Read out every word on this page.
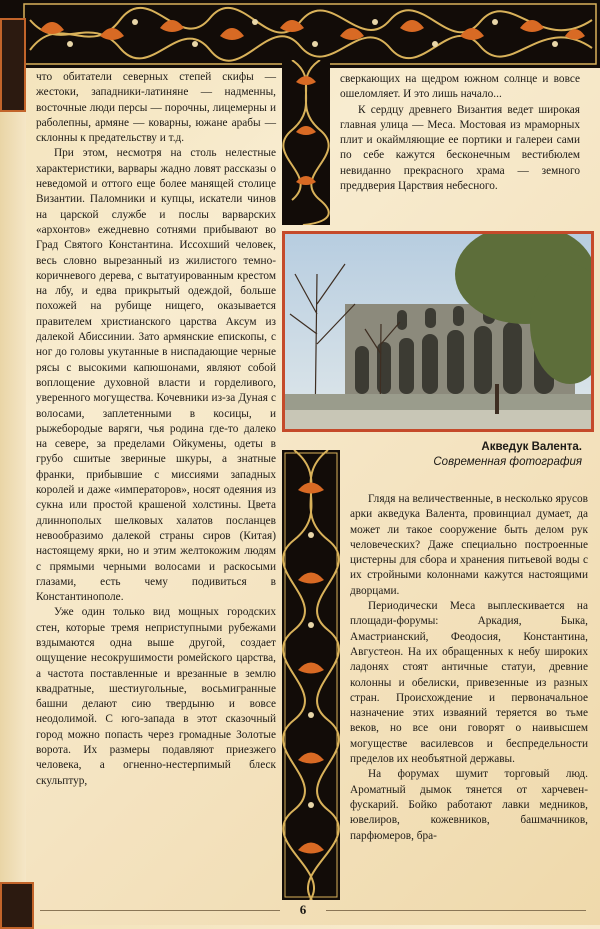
что обитатели северных степей скифы — жестоки, западники-латиняне — надменны, восточные люди персы — порочны, лицемерны и раболепны, армяне — коварны, южане арабы — склонны к предательству и т.д.

При этом, несмотря на столь нелестные характеристики, варвары жадно ловят рассказы о неведомой и оттого еще более манящей столице Византии. Паломники и купцы, искатели чинов на царской службе и послы варварских «архонтов» ежедневно сотнями прибывают во Град Святого Константина. Иссохший человек, весь словно вырезанный из жилистого темно-коричневого дерева, с вытатуированным крестом на лбу, и едва прикрытый одеждой, больше похожей на рубище нищего, оказывается правителем христианского царства Аксум из далекой Абиссинии. Зато армянские епископы, с ног до головы укутанные в ниспадающие черные рясы с высокими капюшонами, являют собой воплощение духовной власти и горделивого, уверенного могущества. Кочевники из-за Дуная с волосами, заплетенными в косицы, и рыжебородые варяги, чья родина где-то далеко на севере, за пределами Ойкумены, одеты в грубо сшитые звериные шкуры, а знатные франки, прибывшие с миссиями западных королей и даже «императоров», носят одеяния из сукна или простой крашеной холстины. Цвета длиннополых шелковых халатов посланцев невообразимо далекой страны сиров (Китая) настоящему ярки, но и этим желтокожим людям с прямыми черными волосами и раскосыми глазами, есть чему подивиться в Константинополе.

Уже один только вид мощных городских стен, которые тремя неприступными рубежами вздымаются одна выше другой, создает ощущение несокрушимости ромейского царства, а частота поставленные и врезанные в землю квадратные, шестиугольные, восьмигранные башни делают сию твердыню и вовсе неодолимой. С юго-запада в этот сказочный город можно попасть через громадные Золотые ворота. Их размеры подавляют приезжего человека, а огненно-нестерпимый блеск скульптур,

сверкающих на щедром южном солнце и вовсе ошеломляет. И это лишь начало...

К сердцу древнего Византия ведет широкая главная улица — Меса. Мостовая из мраморных плит и окаймляющие ее портики и галереи сами по себе кажутся бесконечным вестибюлем невиданно прекрасного храма — земного преддверия Царствия небесного.

Акведук Валента.
Современная фотография

Глядя на величественные, в несколько ярусов арки акведука Валента, провинциал думает, да может ли такое сооружение быть делом рук человеческих? Даже специально построенные цистерны для сбора и хранения питьевой воды с их стройными колоннами кажутся настоящими дворцами.

Периодически Меса выплескивается на площади-форумы: Аркадия, Быка, Амастрианский, Феодосия, Константина, Августеон. На их обращенных к небу широких ладонях стоят античные статуи, древние колонны и обелиски, привезенные из разных стран. Происхождение и первоначальное назначение этих изваяний теряется во тьме веков, но все они говорят о наивысшем могуществе василевсов и беспредельности пределов их необъятной державы.

На форумах шумит торговый люд. Ароматный дымок тянется от харчевен-фускарий. Бойко работают лавки медников, ювелиров, кожевников, башмачников, парфюмеров, бра-

6
